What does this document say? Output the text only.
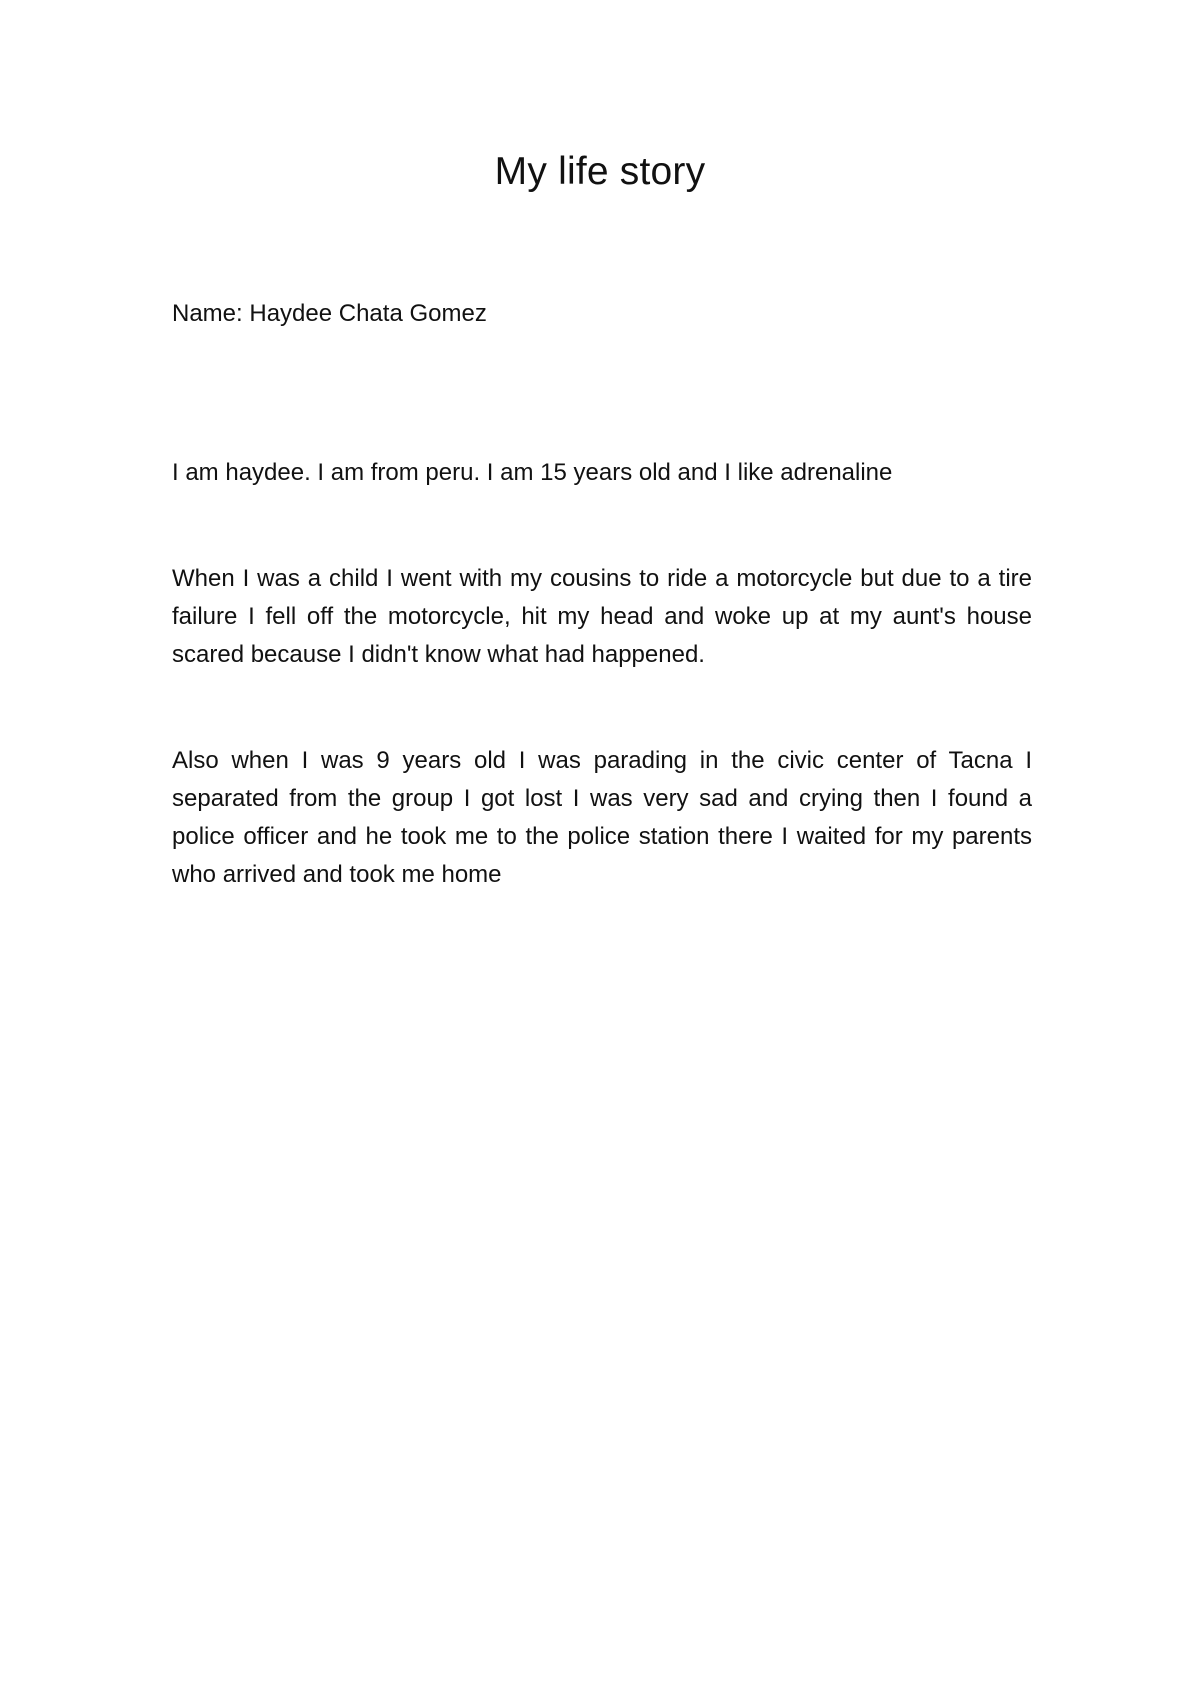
My life story

Name: Haydee Chata Gomez

I am haydee. I am from peru. I am 15 years old and I like adrenaline

When I was a child I went with my cousins to ride a motorcycle but due to a tire failure I fell off the motorcycle, hit my head and woke up at my aunt's house scared because I didn't know what had happened.

Also when I was 9 years old I was parading in the civic center of Tacna I separated from the group I got lost I was very sad and crying then I found a police officer and he took me to the police station there I waited for my parents who arrived and took me home
